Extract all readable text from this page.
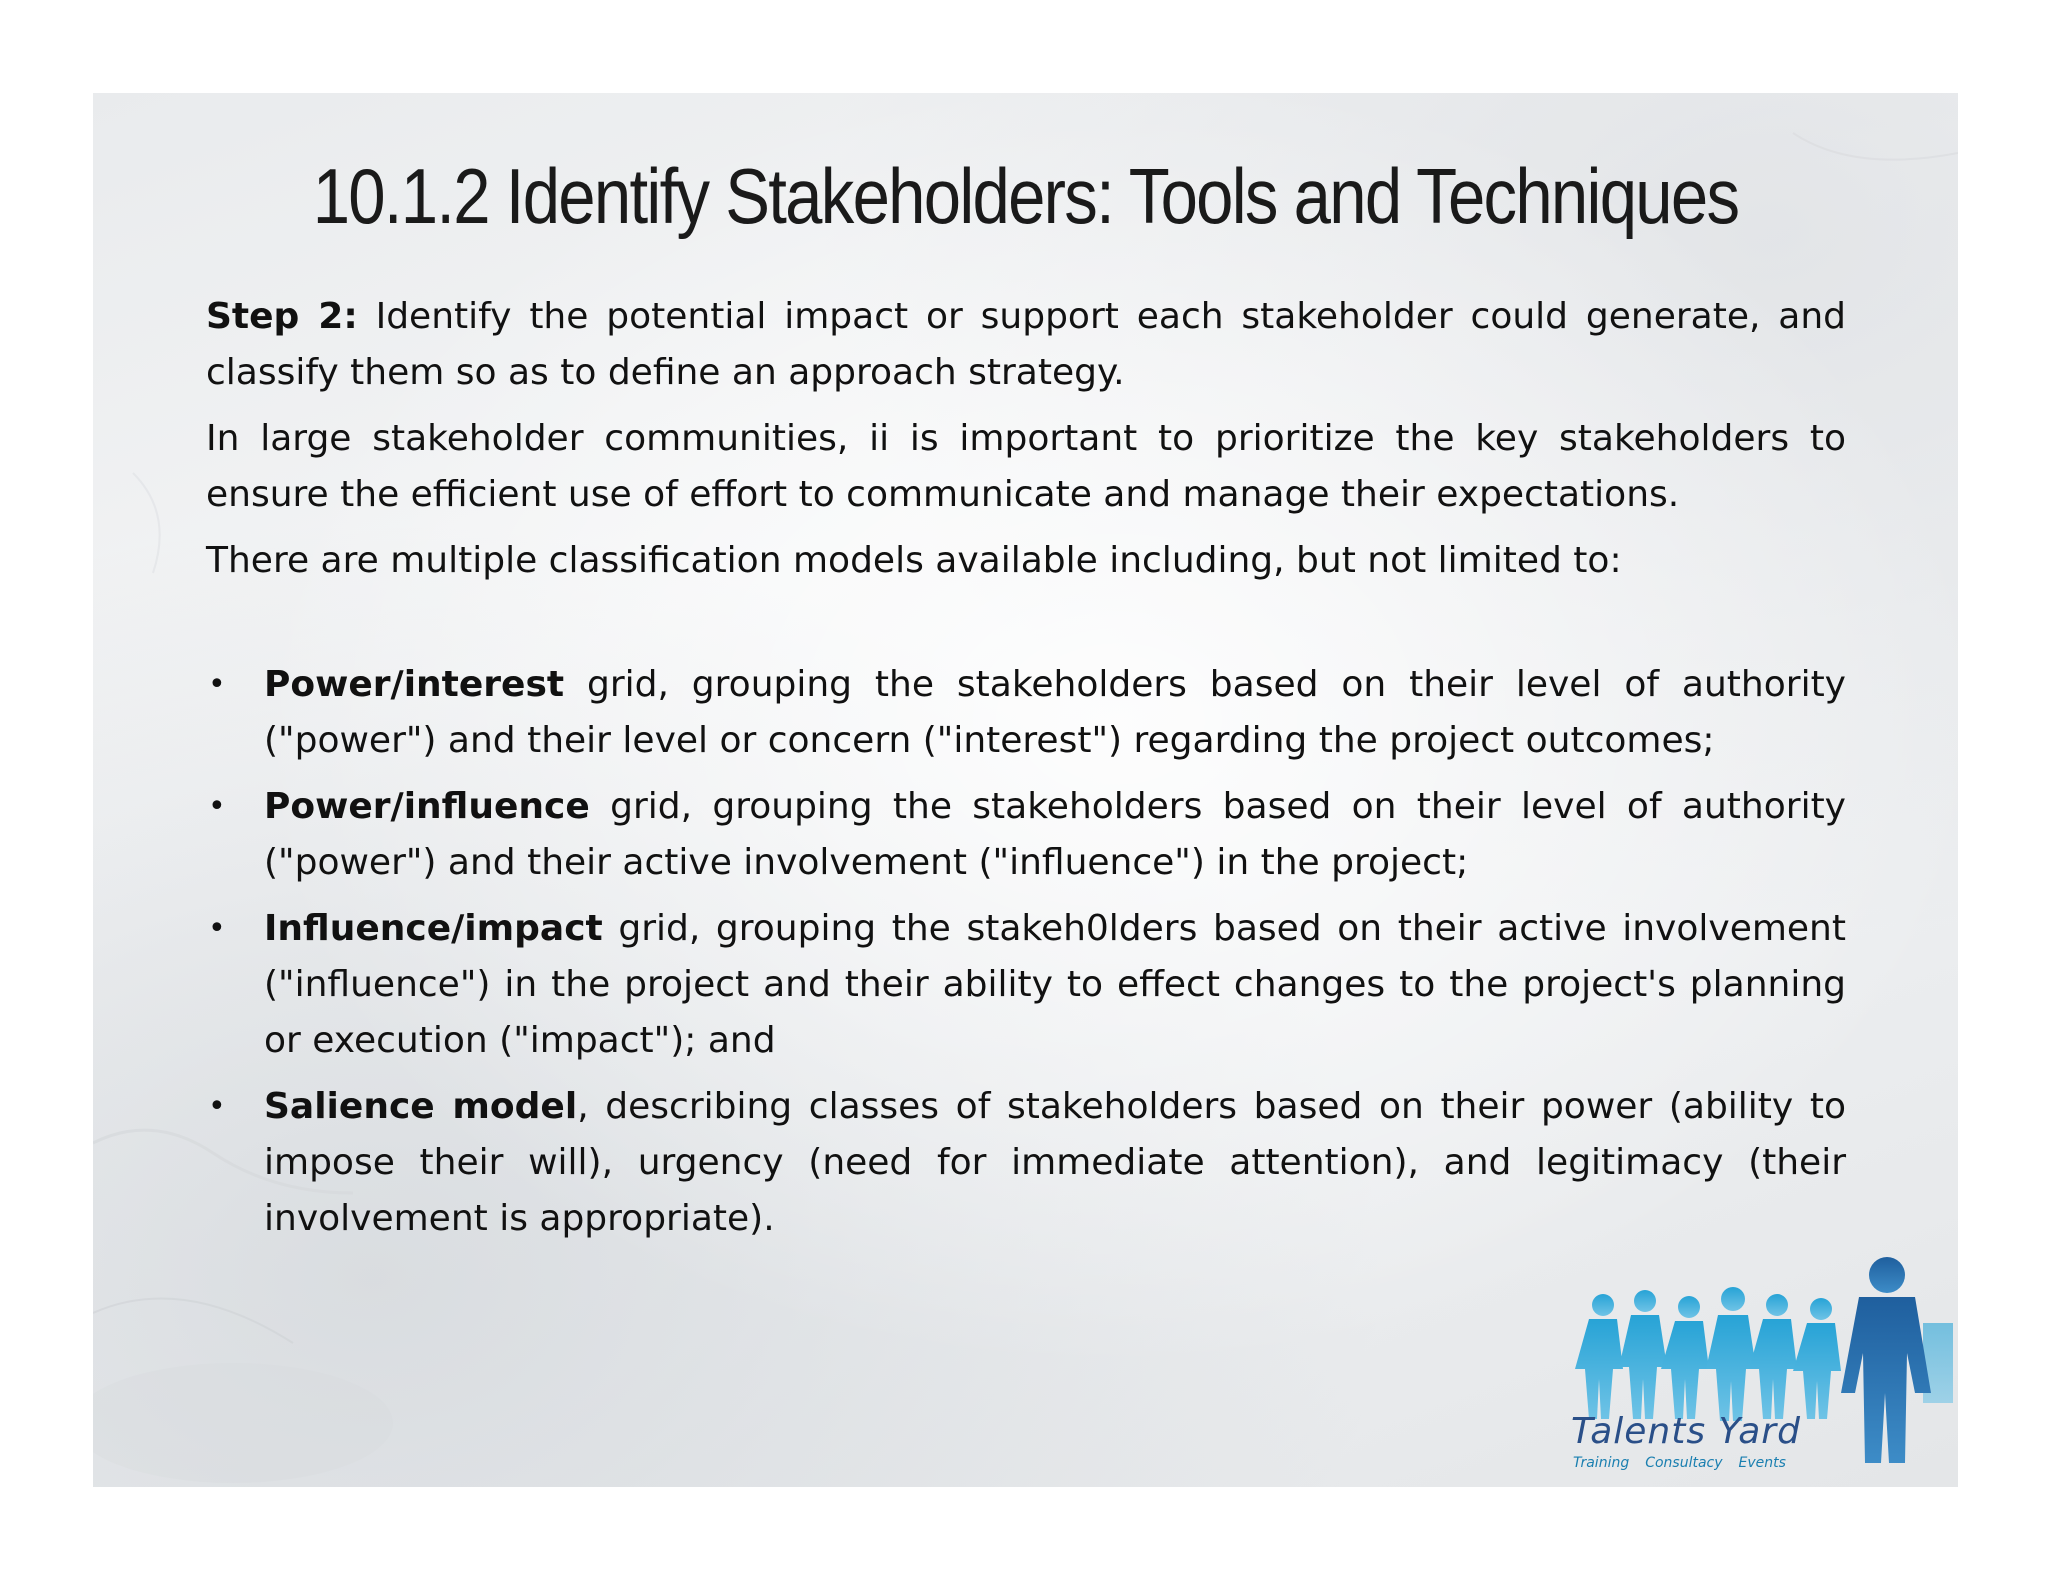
10.1.2 Identify Stakeholders: Tools and Techniques

Step 2: Identify the potential impact or support each stakeholder could generate, and classify them so as to define an approach strategy.

In large stakeholder communities, ii is important to prioritize the key stakeholders to ensure the efficient use of effort to communicate and manage their expectations.

There are multiple classification models available including, but not limited to:

• Power/interest grid, grouping the stakeholders based on their level of authority ("power") and their level or concern ("interest") regarding the project outcomes;
• Power/influence grid, grouping the stakeholders based on their level of authority ("power") and their active involvement ("influence") in the project;
• Influence/impact grid, grouping the stakeh0lders based on their active involvement ("influence") in the project and their ability to effect changes to the project's planning or execution ("impact"); and
• Salience model, describing classes of stakeholders based on their power (ability to impose their will), urgency (need for immediate attention), and legitimacy (their involvement is appropriate).
Talents Yard
Training Consultacy Events
